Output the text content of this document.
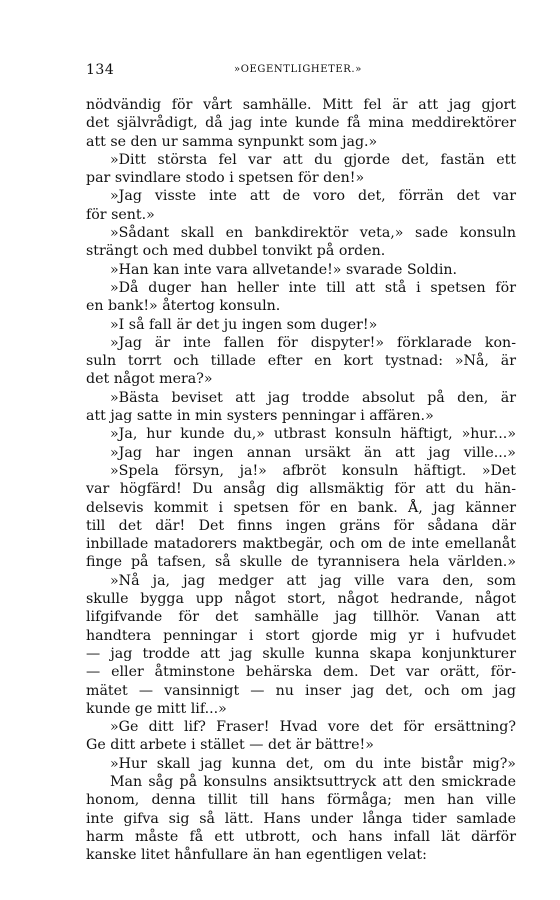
134	»OEGENTLIGHETER.»
nödvändig för vårt samhälle. Mitt fel är att jag gjort
det självrådigt, då jag inte kunde få mina meddirektörer
att se den ur samma synpunkt som jag.»
»Ditt största fel var att du gjorde det, fastän ett
par svindlare stodo i spetsen för den!»
»Jag visste inte att de voro det, förrän det var
för sent.»
»Sådant skall en bankdirektör veta,» sade konsuln
strängt och med dubbel tonvikt på orden.
»Han kan inte vara allvetande!» svarade Soldin.
»Då duger han heller inte till att stå i spetsen för
en bank!» återtog konsuln.
»I så fall är det ju ingen som duger!»
»Jag är inte fallen för dispyter!» förklarade kon-
suln torrt och tillade efter en kort tystnad: »Nå, är
det något mera?»
»Bästa beviset att jag trodde absolut på den, är
att jag satte in min systers penningar i affären.»
»Ja, hur kunde du,» utbrast konsuln häftigt, »hur...»
»Jag har ingen annan ursäkt än att jag ville...»
»Spela försyn, ja!» afbröt konsuln häftigt. »Det
var högfärd! Du ansåg dig allsmäktig för att du hän-
delsevis kommit i spetsen för en bank. Å, jag känner
till det där! Det finns ingen gräns för sådana där
inbillade matadorers maktbegär, och om de inte emellanåt
finge på tafsen, så skulle de tyrannisera hela världen.»
»Nå ja, jag medger att jag ville vara den, som
skulle bygga upp något stort, något hedrande, något
lifgifvande för det samhälle jag tillhör. Vanan att
handtera penningar i stort gjorde mig yr i hufvudet
— jag trodde att jag skulle kunna skapa konjunkturer
— eller åtminstone behärska dem. Det var orätt, för-
mätet — vansinnigt — nu inser jag det, och om jag
kunde ge mitt lif...»
»Ge ditt lif? Fraser! Hvad vore det för ersättning?
Ge ditt arbete i stället — det är bättre!»
»Hur skall jag kunna det, om du inte bistår mig?»
Man såg på konsulns ansiktsuttryck att den smickrade
honom, denna tillit till hans förmåga; men han ville
inte gifva sig så lätt. Hans under långa tider samlade
harm måste få ett utbrott, och hans infall lät därför
kanske litet hånfullare än han egentligen velat:
